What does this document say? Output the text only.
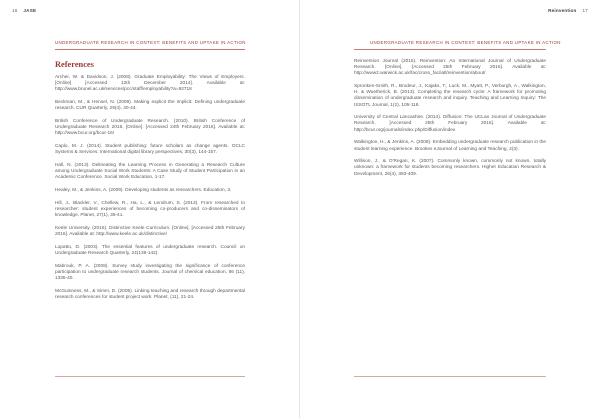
16 JASE
UNDERGRADUATE RESEARCH IN CONTEXT: BENEFITS AND UPTAKE IN ACTION
References

Archer, W. & Davidson, J. (2008). Graduate Employability: The Views of Employers. [Online] [Accessed 12th December 2014]. Available at: http://www.brunel.ac.uk/services/pcc/staff/employability?a=92718

Beckman, M., & Hensel, N. (2009). Making explicit the implicit: Defining undergraduate research. CUR Quarterly, 29(4), 40-44.

British Conference of Undergraduate Research. (2010). British Conference of Undergraduate Research 2016. [Online]. [Accessed 24th February 2016]. Available at: http://www.bcur.org/bcur-16/

Caplo, M. J. (2014). Student publishing: future scholars as change agents. OCLC Systems & Services: International digital library perspectives, 30(3), 144-157.

Hall, N. (2013). Delineating the Learning Process in Generating a Research Culture among Undergraduate Social Work Students: A Case Study of Student Participation in an Academic Conference. Social Work Education, 1-17.

Healey, M., & Jenkins, A. (2009). Developing students as researchers. Education, 3.

Hill, J., Blackler, V., Chellew, R., Ha, L., & Lendrum, S. (2013). From researched to researcher: student experiences of becoming co-producers and co-disseminators of knowledge. Planet, 27(1), 35-41.

Keele University. (2016). Distinctive Keele Curriculum. [Online]. [Accessed 25th February 2016]. Available at: http://www.keele.ac.uk/distinctive/

Lopatto, D. (2003). The essential features of undergraduate research. Council on Undergraduate Research Quarterly, 24(139-142).

Mabrouk, P. A. (2009). Survey study investigating the significance of conference participation to undergraduate research students. Journal of chemical education, 86 (11), 1335-40.

McGuinness, M., & Simm, D. (2005). Linking teaching and research through departmental research conferences for student project work. Planet, (11), 21-24.

Reinvention 17
UNDERGRADUATE RESEARCH IN CONTEXT: BENEFITS AND UPTAKE IN ACTION

Reinvention Journal (2015). Reinvention: An International Journal of Undergraduate Research. [Online]. [Accessed 25th February 2016]. Available at: http://www2.warwick.ac.uk/fac/cross_fac/iatl/reinvention/about/

Spronken-Smith, R., Brodeur, J., Kajaks, T., Luck, M., Myatt, P., Verburgh, A., Walkington, H. & Wuetherick, B. (2013). Completing the research cycle: A framework for promoting dissemination of undergraduate research and inquiry. Teaching and Learning Inquiry: The ISSOTL Journal, 1(2), 105-118.

University of Central Lancashire. (2014). Diffusion: The UCLan Journal of Undergraduate Research. [Accessed 25th February 2016]. Available at: http://bcur.org/journals/index.php/Diffusion/index

Walkington, H., & Jenkins, A. (2008). Embedding undergraduate research publication in the student learning experience. Brookes eJournal of Learning and Teaching, 2(3).

Willison, J., & O'Regan, K. (2007). Commonly known, commonly not known, totally unknown: a framework for students becoming researchers. Higher Education Research & Development, 26(4), 393-409.
